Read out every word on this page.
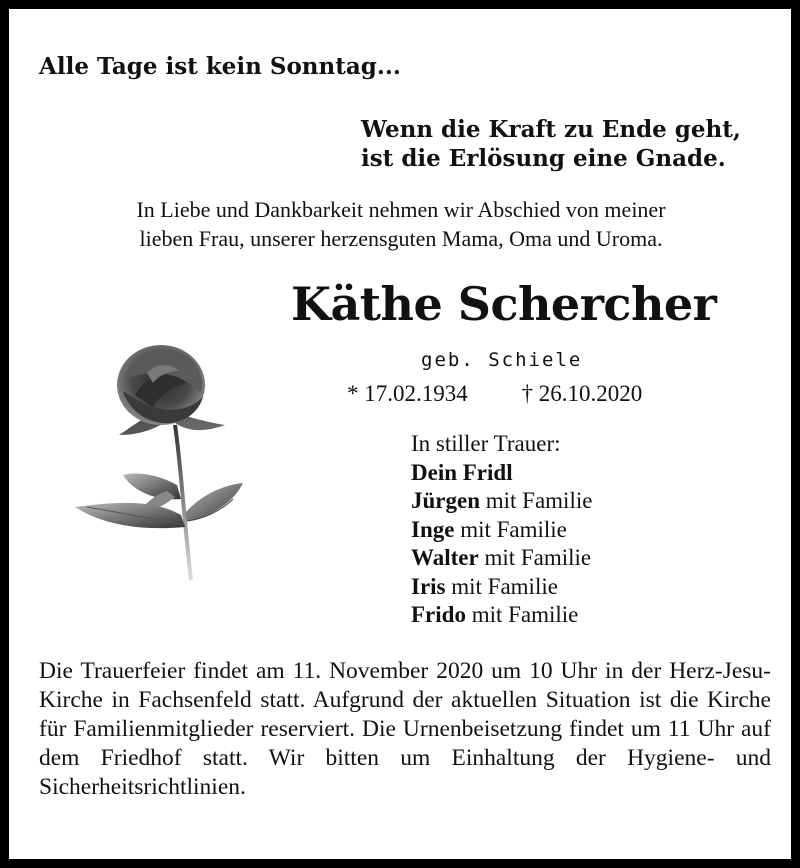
Alle Tage ist kein Sonntag...
Wenn die Kraft zu Ende geht,
ist die Erlösung eine Gnade.
In Liebe und Dankbarkeit nehmen wir Abschied von meiner
lieben Frau, unserer herzensguten Mama, Oma und Uroma.
Käthe Schercher
geb. Schiele
* 17.02.1934 † 26.10.2020
In stiller Trauer:
Dein Fridl
Jürgen mit Familie
Inge mit Familie
Walter mit Familie
Iris mit Familie
Frido mit Familie
Die Trauerfeier findet am 11. November 2020 um 10 Uhr in der Herz-Jesu-Kirche in Fachsenfeld statt. Aufgrund der aktuellen Situation ist die Kirche für Familienmitglieder reserviert. Die Urnenbeisetzung findet um 11 Uhr auf dem Friedhof statt. Wir bitten um Einhaltung der Hygiene- und Sicherheitsrichtlinien.
